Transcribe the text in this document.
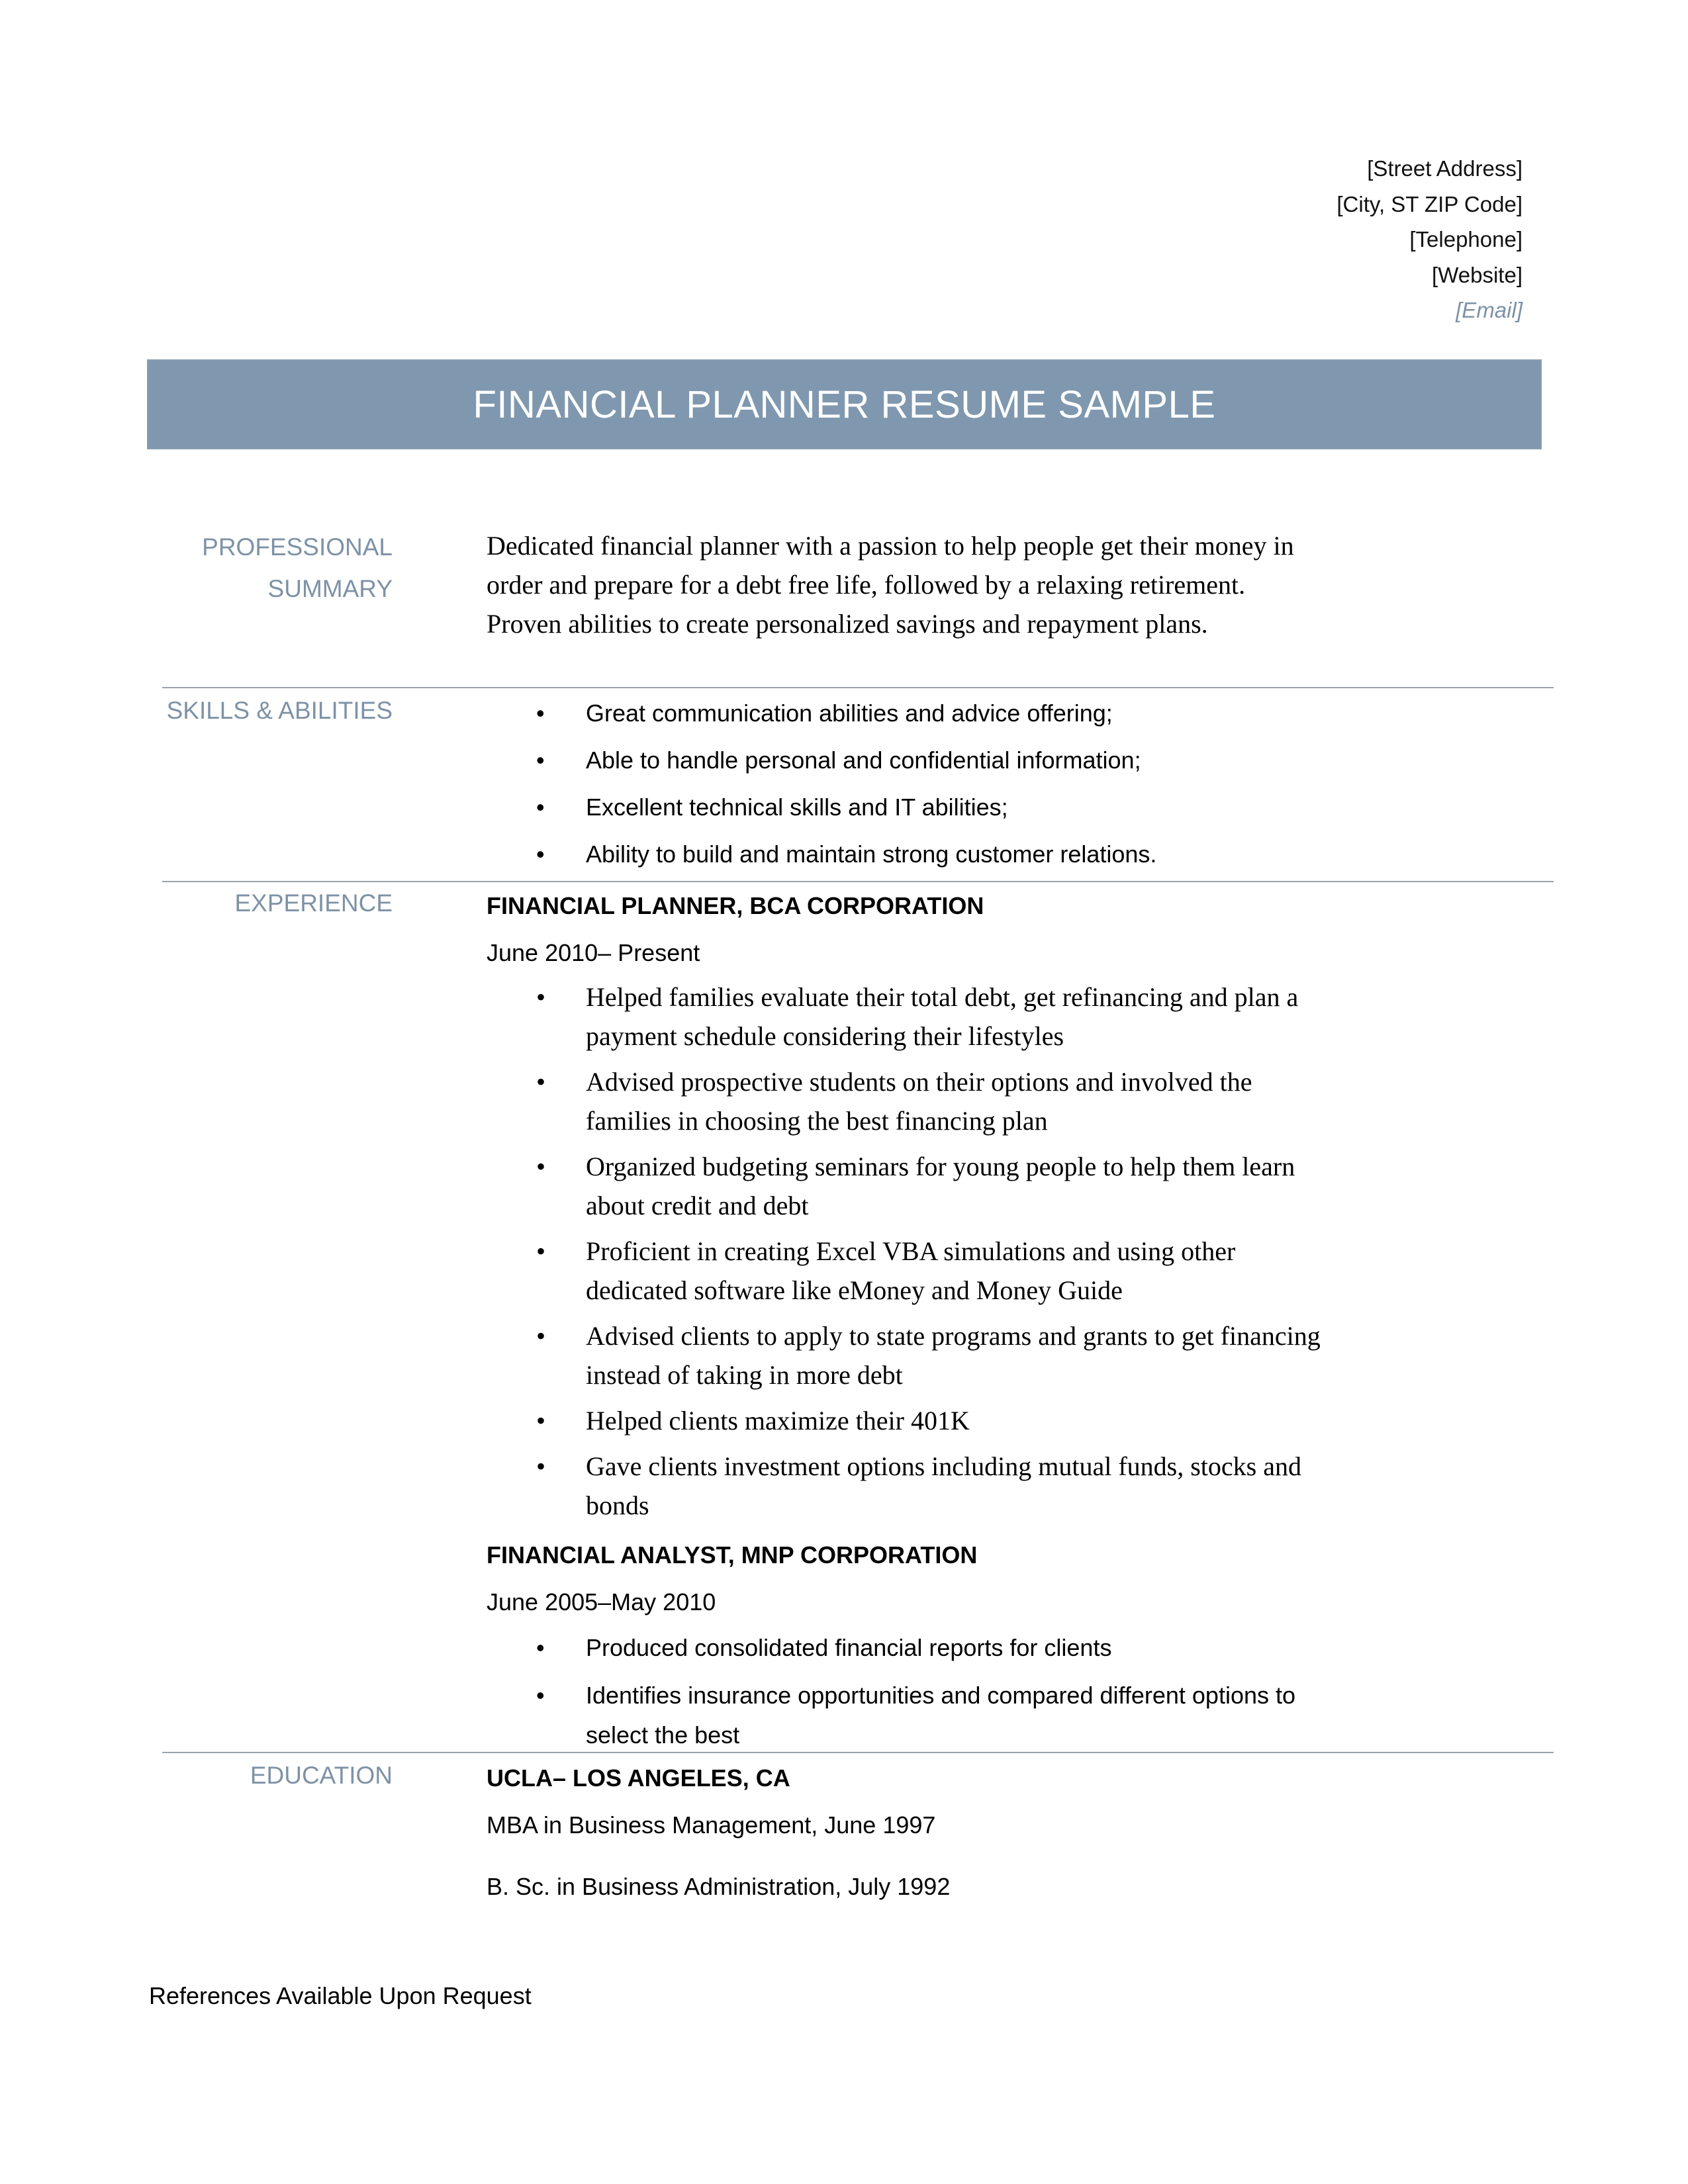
[Street Address]
[City, ST ZIP Code]
[Telephone]
[Website]
[Email]
FINANCIAL PLANNER RESUME SAMPLE
PROFESSIONAL
SUMMARY
Dedicated financial planner with a passion to help people get their money in order and prepare for a debt free life, followed by a relaxing retirement. Proven abilities to create personalized savings and repayment plans.
SKILLS & ABILITIES
•	Great communication abilities and advice offering;
• Able to handle personal and confidential information;
• Excellent technical skills and IT abilities;
• Ability to build and maintain strong customer relations.
EXPERIENCE	FINANCIAL PLANNER, BCA CORPORATION
June 2010– Present
• Helped families evaluate their total debt, get refinancing and plan a payment schedule considering their lifestyles
• Advised prospective students on their options and involved the families in choosing the best financing plan
• Organized budgeting seminars for young people to help them learn about credit and debt
• Proficient in creating Excel VBA simulations and using other dedicated software like eMoney and Money Guide
• Advised clients to apply to state programs and grants to get financing instead of taking in more debt
• Helped clients maximize their 401K
• Gave clients investment options including mutual funds, stocks and bonds
FINANCIAL ANALYST, MNP CORPORATION
June 2005–May 2010
• Produced consolidated financial reports for clients
• Identifies insurance opportunities and compared different options to select the best
EDUCATION	UCLA– LOS ANGELES, CA
MBA in Business Management, June 1997
B. Sc. in Business Administration, July 1992
References Available Upon Request
